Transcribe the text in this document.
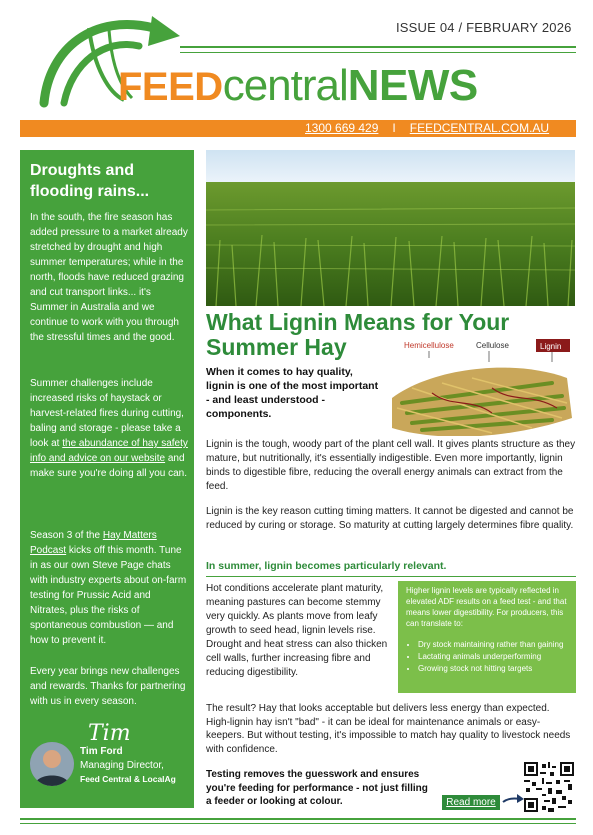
ISSUE 04 / FEBRUARY 2026
FEEDcentralNEWS
1300 669 429 I FEEDCENTRAL.COM.AU
Droughts and flooding rains...
In the south, the fire season has added pressure to a market already stretched by drought and high summer temperatures; while in the north, floods have reduced grazing and cut transport links... it's Summer in Australia and we continue to work with you through the stressful times and the good.
Summer challenges include increased risks of haystack or harvest-related fires during cutting, baling and storage - please take a look at the abundance of hay safety info and advice on our website and make sure you're doing all you can.
Season 3 of the Hay Matters Podcast kicks off this month. Tune in as our own Steve Page chats with industry experts about on-farm testing for Prussic Acid and Nitrates, plus the risks of spontaneous combustion — and how to prevent it.
Every year brings new challenges and rewards. Thanks for partnering with us in every season.
Tim
Tim Ford
Managing Director,
Feed Central & LocalAg
What Lignin Means for Your Summer Hay
When it comes to hay quality, lignin is one of the most important - and least understood - components.
Hemicellulose	Cellulose	Lignin
Lignin is the tough, woody part of the plant cell wall. It gives plants structure as they mature, but nutritionally, it's essentially indigestible. Even more importantly, lignin binds to digestible fibre, reducing the overall energy animals can extract from the feed.
Lignin is the key reason cutting timing matters. It cannot be digested and cannot be reduced by curing or storage. So maturity at cutting largely determines fibre quality.
In summer, lignin becomes particularly relevant.
Hot conditions accelerate plant maturity, meaning pastures can become stemmy very quickly. As plants move from leafy growth to seed head, lignin levels rise. Drought and heat stress can also thicken cell walls, further increasing fibre and reducing digestibility.
Higher lignin levels are typically reflected in elevated ADF results on a feed test - and that means lower digestibility. For producers, this can translate to:
• Dry stock maintaining rather than gaining
• Lactating animals underperforming
• Growing stock not hitting targets
The result? Hay that looks acceptable but delivers less energy than expected. High-lignin hay isn't "bad" - it can be ideal for maintenance animals or easy-keepers. But without testing, it's impossible to match hay quality to livestock needs with confidence.
Testing removes the guesswork and ensures you're feeding for performance - not just filling a feeder or looking at colour.	Read more
